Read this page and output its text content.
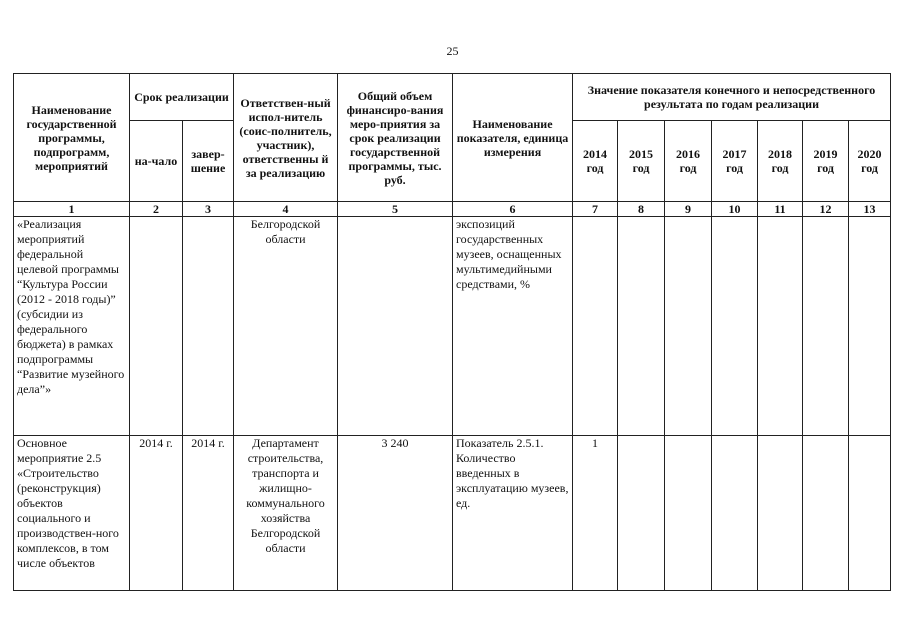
25
Наименование государственной программы, подпрограмм, мероприятий	Срок реализации		Ответствен-ный испол-нитель (соис-полнитель, участник), ответственны й за реализацию	Общий объем финансиро-вания меро-приятия за срок реализации государственной программы, тыс. руб.	Наименование показателя, единица измерения	Значение показателя конечного и непосредственного результата по годам реализации						
	на-чало	завер-шение				2014 год	2015 год	2016 год	2017 год	2018 год	2019 год	2020 год
1	2	3	4	5	6	7	8	9	10	11	12	13
«Реализация мероприятий федеральной целевой программы “Культура России (2012 - 2018 годы)” (субсидии из федерального бюджета) в рамках подпрограммы “Развитие музейного дела”»			Белгородской области		экспозиций государственных музеев, оснащенных мультимедийными средствами, %							
Основное мероприятие 2.5 «Строительство (реконструкция) объектов социального и производствен-ного комплексов, в том числе объектов	2014 г.	2014 г.	Департамент строительства, транспорта и жилищно-коммунального хозяйства Белгородской области	3 240	Показатель 2.5.1. Количество введенных в эксплуатацию музеев, ед.	1						
